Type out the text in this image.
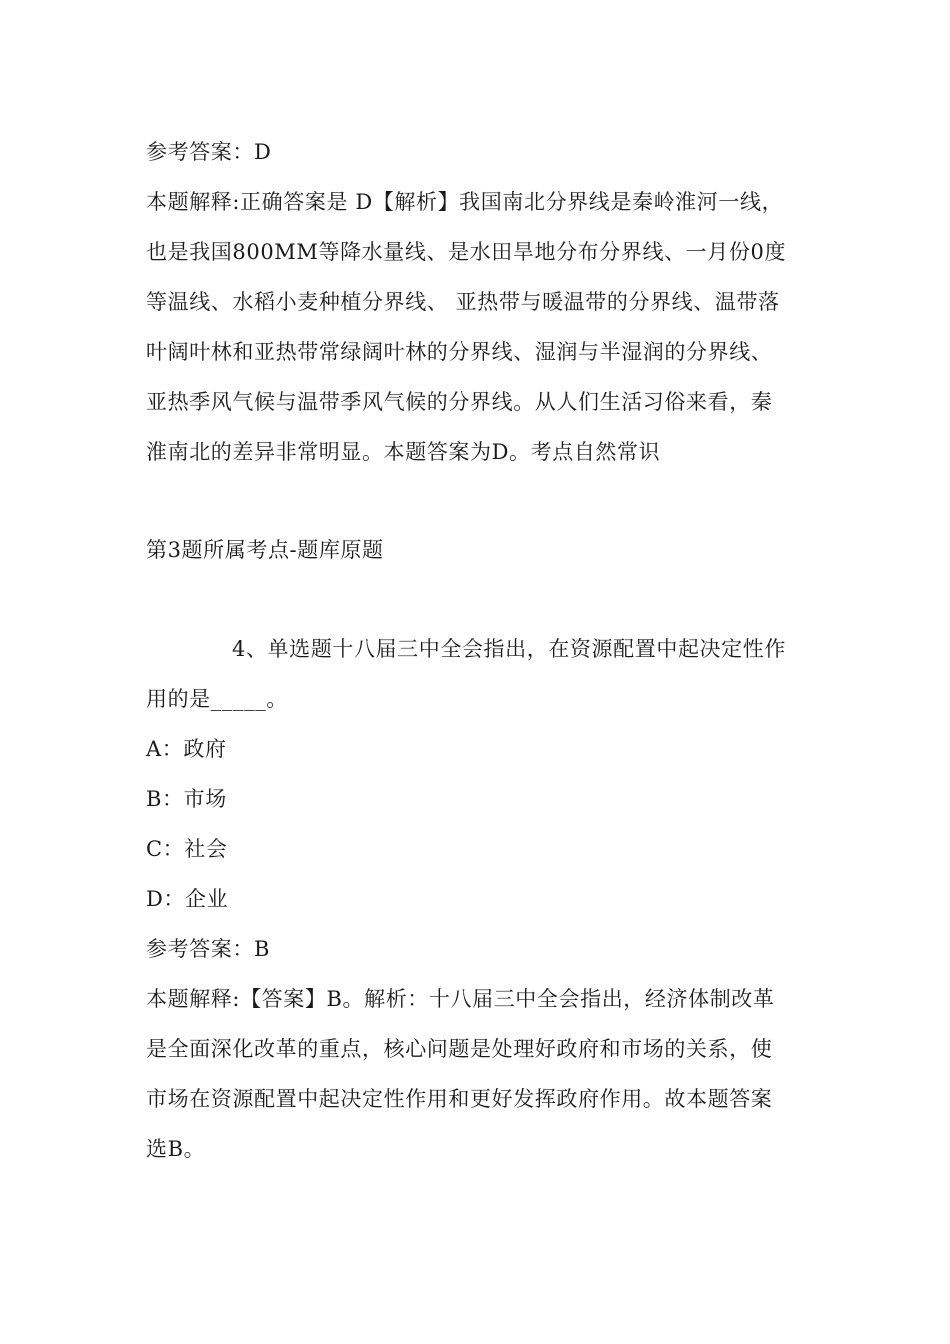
参考答案：D
本题解释:正确答案是 D【解析】我国南北分界线是秦岭淮河一线，
也是我国800MM等降水量线、是水田旱地分布分界线、一月份0度
等温线、水稻小麦种植分界线、 亚热带与暖温带的分界线、温带落
叶阔叶林和亚热带常绿阔叶林的分界线、湿润与半湿润的分界线、
亚热季风气候与温带季风气候的分界线。从人们生活习俗来看，秦
淮南北的差异非常明显。本题答案为D。考点自然常识
第3题所属考点-题库原题
4、单选题十八届三中全会指出，在资源配置中起决定性作
用的是_____。
A：政府
B：市场
C：社会
D：企业
参考答案：B
本题解释:【答案】B。解析：十八届三中全会指出，经济体制改革
是全面深化改革的重点，核心问题是处理好政府和市场的关系，使
市场在资源配置中起决定性作用和更好发挥政府作用。故本题答案
选B。
